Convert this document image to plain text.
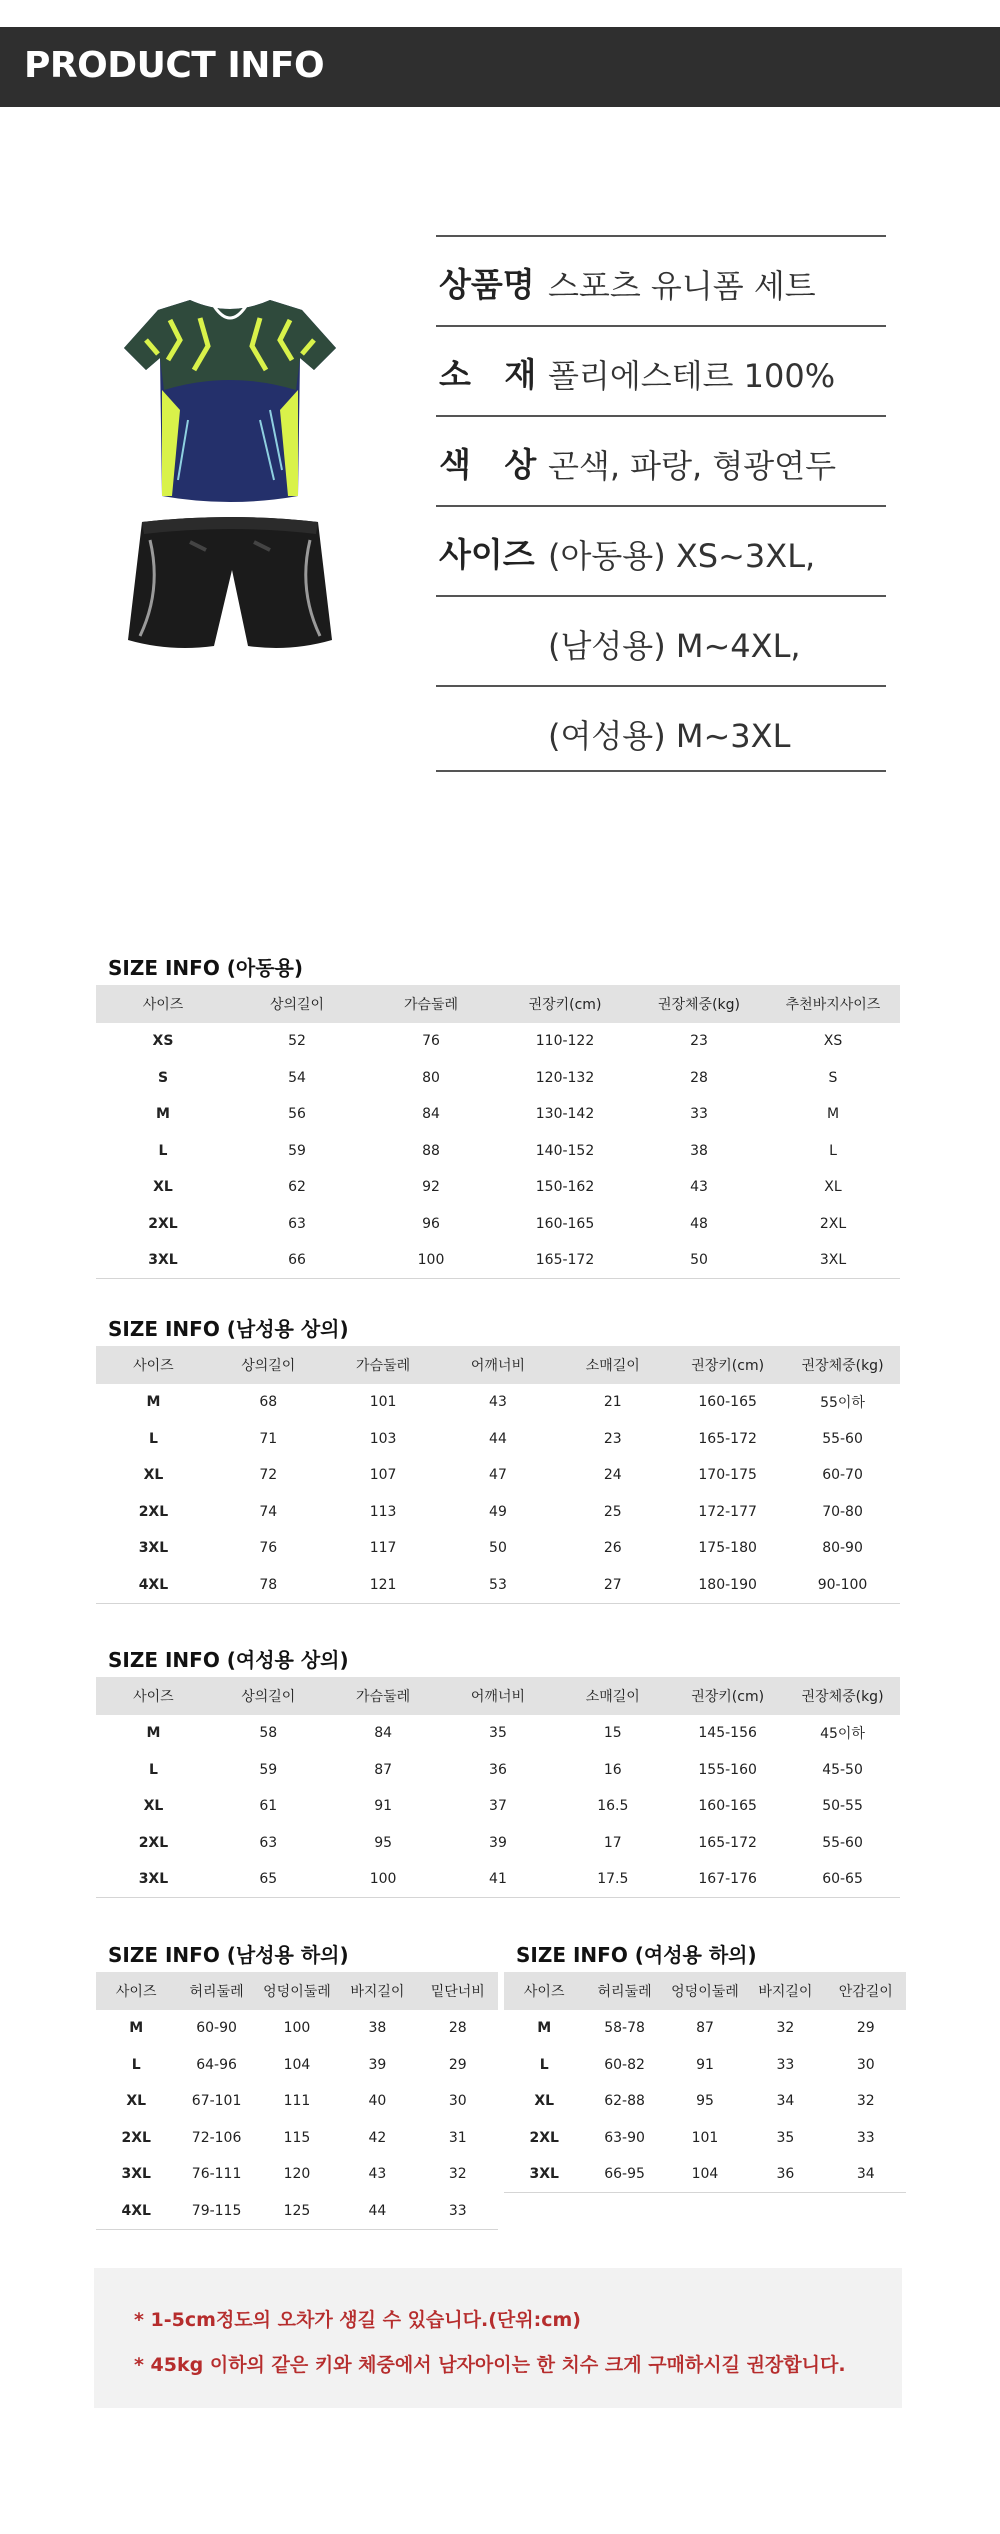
PRODUCT INFO
상품명 스포츠 유니폼 세트
소 재 폴리에스테르 100%
색 상 곤색, 파랑, 형광연두
사이즈 (아동용) XS~3XL,
(남성용) M~4XL,
(여성용) M~3XL
SIZE INFO (아동용)
사이즈	상의길이	가슴둘레	권장키(cm)	권장체중(kg)	추천바지사이즈
XS	52	76	110-122	23	XS
S	54	80	120-132	28	S
M	56	84	130-142	33	M
L	59	88	140-152	38	L
XL	62	92	150-162	43	XL
2XL	63	96	160-165	48	2XL
3XL	66	100	165-172	50	3XL
SIZE INFO (남성용 상의)
사이즈	상의길이	가슴둘레	어깨너비	소매길이	권장키(cm)	권장체중(kg)
M	68	101	43	21	160-165	55이하
L	71	103	44	23	165-172	55-60
XL	72	107	47	24	170-175	60-70
2XL	74	113	49	25	172-177	70-80
3XL	76	117	50	26	175-180	80-90
4XL	78	121	53	27	180-190	90-100
SIZE INFO (여성용 상의)
사이즈	상의길이	가슴둘레	어깨너비	소매길이	권장키(cm)	권장체중(kg)
M	58	84	35	15	145-156	45이하
L	59	87	36	16	155-160	45-50
XL	61	91	37	16.5	160-165	50-55
2XL	63	95	39	17	165-172	55-60
3XL	65	100	41	17.5	167-176	60-65
SIZE INFO (남성용 하의)
사이즈	허리둘레	엉덩이둘레	바지길이	밑단너비
M	60-90	100	38	28
L	64-96	104	39	29
XL	67-101	111	40	30
2XL	72-106	115	42	31
3XL	76-111	120	43	32
4XL	79-115	125	44	33
SIZE INFO (여성용 하의)
사이즈	허리둘레	엉덩이둘레	바지길이	안감길이
M	58-78	87	32	29
L	60-82	91	33	30
XL	62-88	95	34	32
2XL	63-90	101	35	33
3XL	66-95	104	36	34

* 1-5cm정도의 오차가 생길 수 있습니다.(단위:cm)

* 45kg 이하의 같은 키와 체중에서 남자아이는 한 치수 크게 구매하시길 권장합니다.
